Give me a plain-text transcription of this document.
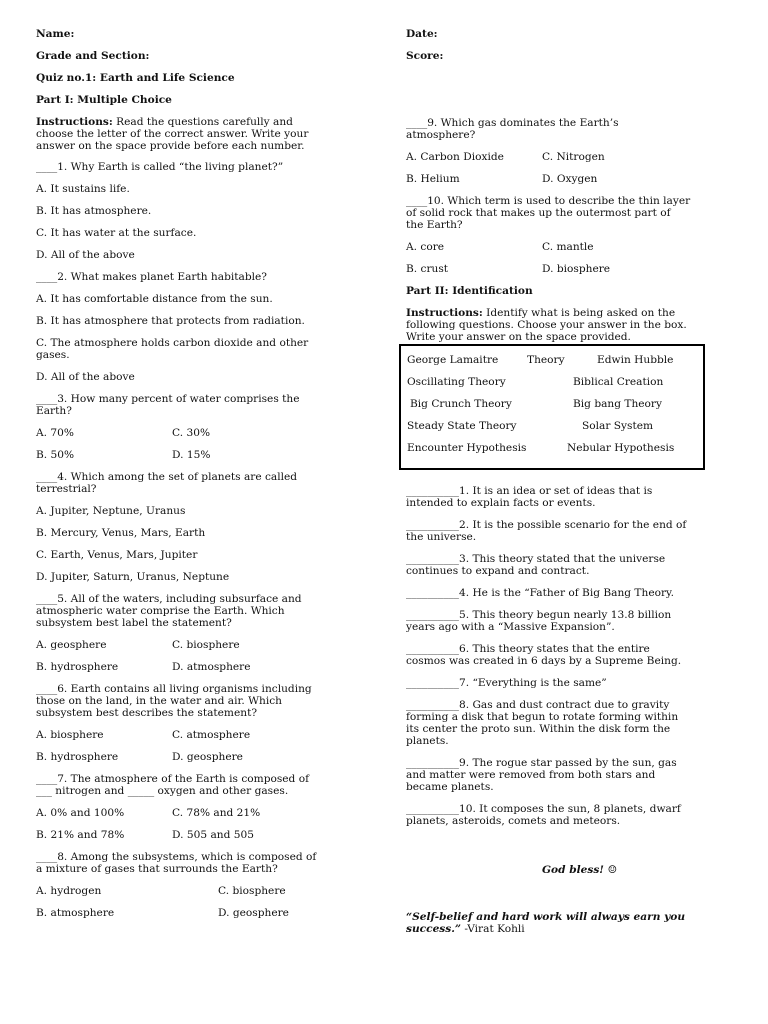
Name:

Grade and Section:

Quiz no.1: Earth and Life Science

Part I: Multiple Choice

Instructions: Read the questions carefully and

choose the letter of the correct answer. Write your

answer on the space provide before each number.

____1. Why Earth is called “the living planet?”

A. It sustains life.

B. It has atmosphere.

C. It has water at the surface.

D. All of the above

____2. What makes planet Earth habitable?

A. It has comfortable distance from the sun.

B. It has atmosphere that protects from radiation.

C. The atmosphere holds carbon dioxide and other

gases.

D. All of the above

____3. How many percent of water comprises the

Earth?

A. 70%	C. 30%
B. 50%	D. 15%

____4. Which among the set of planets are called

terrestrial?

A. Jupiter, Neptune, Uranus

B. Mercury, Venus, Mars, Earth

C. Earth, Venus, Mars, Jupiter

D. Jupiter, Saturn, Uranus, Neptune

____5. All of the waters, including subsurface and

atmospheric water comprise the Earth. Which

subsystem best label the statement?

A. geosphere	C. biosphere
B. hydrosphere	D. atmosphere

____6. Earth contains all living organisms including

those on the land, in the water and air. Which

subsystem best describes the statement?

A. biosphere	C. atmosphere
B. hydrosphere	D. geosphere

____7. The atmosphere of the Earth is composed of

___ nitrogen and _____ oxygen and other gases.

A. 0% and 100%	C. 78% and 21%
B. 21% and 78%	D. 505 and 505

____8. Among the subsystems, which is composed of

a mixture of gases that surrounds the Earth?

A. hydrogen	C. biosphere
B. atmosphere	D. geosphere

Date:

Score:

____9. Which gas dominates the Earth’s

atmosphere?

A. Carbon Dioxide	C. Nitrogen
B. Helium	D. Oxygen

____10. Which term is used to describe the thin layer

of solid rock that makes up the outermost part of

the Earth?

A. core	C. mantle
B. crust	D. biosphere

Part II: Identification

Instructions: Identify what is being asked on the

following questions. Choose your answer in the box.

Write your answer on the space provided.

__________1. It is an idea or set of ideas that is

intended to explain facts or events.

__________2. It is the possible scenario for the end of

the universe.

__________3. This theory stated that the universe

continues to expand and contract.

__________4. He is the “Father of Big Bang Theory.

__________5. This theory begun nearly 13.8 billion

years ago with a “Massive Expansion”.

__________6. This theory states that the entire

cosmos was created in 6 days by a Supreme Being.

__________7. “Everything is the same”

__________8. Gas and dust contract due to gravity

forming a disk that begun to rotate forming within

its center the proto sun. Within the disk form the

planets.

__________9. The rogue star passed by the sun, gas

and matter were removed from both stars and

became planets.

__________10. It composes the sun, 8 planets, dwarf

planets, asteroids, comets and meteors.

George Lamaitre	Theory	Edwin Hubble
Oscillating Theory	Biblical Creation
Big Crunch Theory	Big bang Theory
Steady State Theory	Solar System
Encounter Hypothesis	Nebular Hypothesis

God bless! ☺

“Self-belief and hard work will always earn you

success.” -Virat Kohli
